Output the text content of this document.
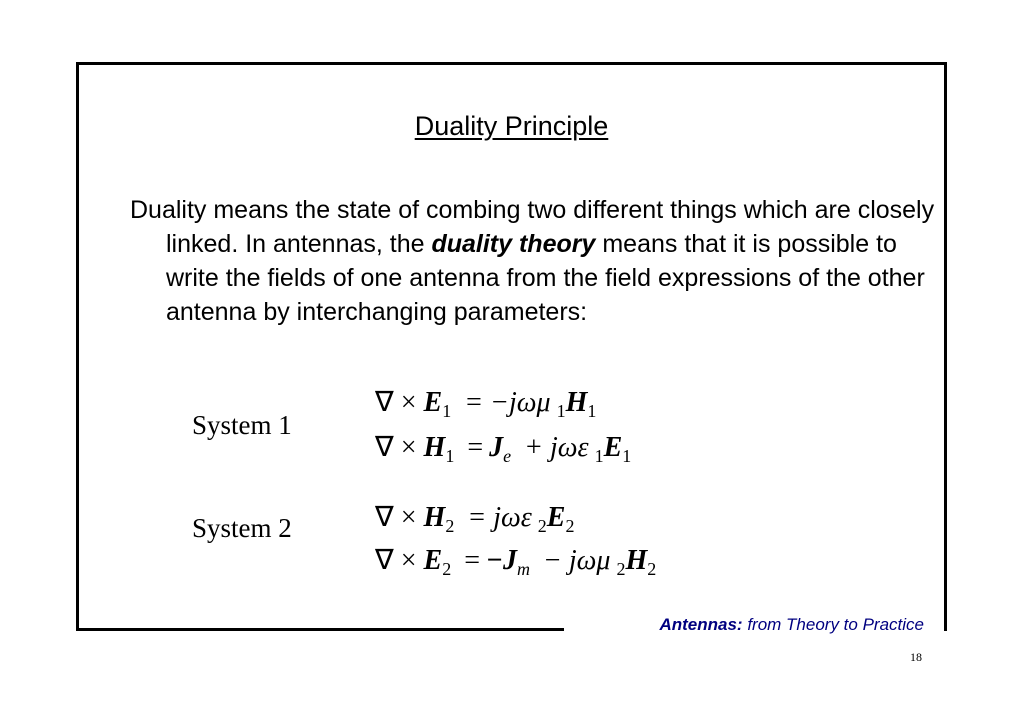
Duality Principle
Duality means the state of combing two different things which are closely linked. In antennas, the duality theory means that it is possible to write the fields of one antenna from the field expressions of the other antenna by interchanging parameters:
System 1
∇ × $E_1 = -j\omega\mu$ $_1H_1$
∇ × $H_1 = J_e + j\omega\varepsilon$ $_1E_1$
System 2	∇ × $H_2 = j\omega\varepsilon$ $_2E_2$
∇ × $E_2 = -J_m - j\omega\mu$ $_2H_2$
Antennas: from Theory to Practice
18
